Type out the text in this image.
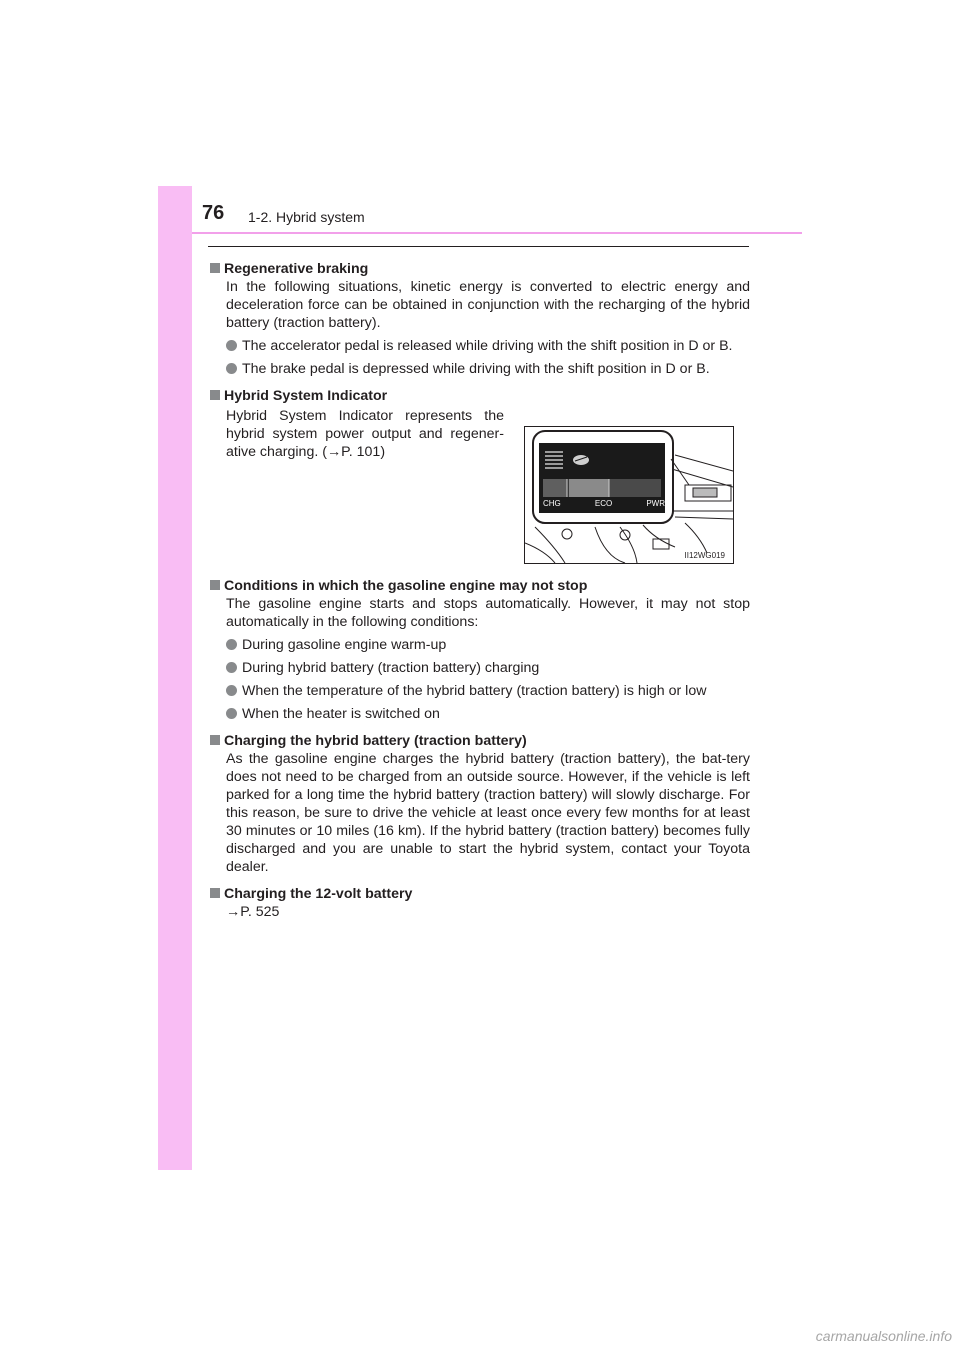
76 1-2. Hybrid system
Regenerative braking
In the following situations, kinetic energy is converted to electric energy and deceleration force can be obtained in conjunction with the recharging of the hybrid battery (traction battery).
The accelerator pedal is released while driving with the shift position in D or B.
The brake pedal is depressed while driving with the shift position in D or B.
Hybrid System Indicator
Hybrid System Indicator represents the hybrid system power output and regener-ative charging. (→P. 101)
Conditions in which the gasoline engine may not stop
The gasoline engine starts and stops automatically. However, it may not stop automatically in the following conditions:
During gasoline engine warm-up
During hybrid battery (traction battery) charging
When the temperature of the hybrid battery (traction battery) is high or low
When the heater is switched on
Charging the hybrid battery (traction battery)
As the gasoline engine charges the hybrid battery (traction battery), the bat-tery does not need to be charged from an outside source. However, if the vehicle is left parked for a long time the hybrid battery (traction battery) will slowly discharge. For this reason, be sure to drive the vehicle at least once every few months for at least 30 minutes or 10 miles (16 km). If the hybrid battery (traction battery) becomes fully discharged and you are unable to start the hybrid system, contact your Toyota dealer.
Charging the 12-volt battery
→P. 525
CHG	ECO	PWR
II12WG019
carmanualsonline.info
